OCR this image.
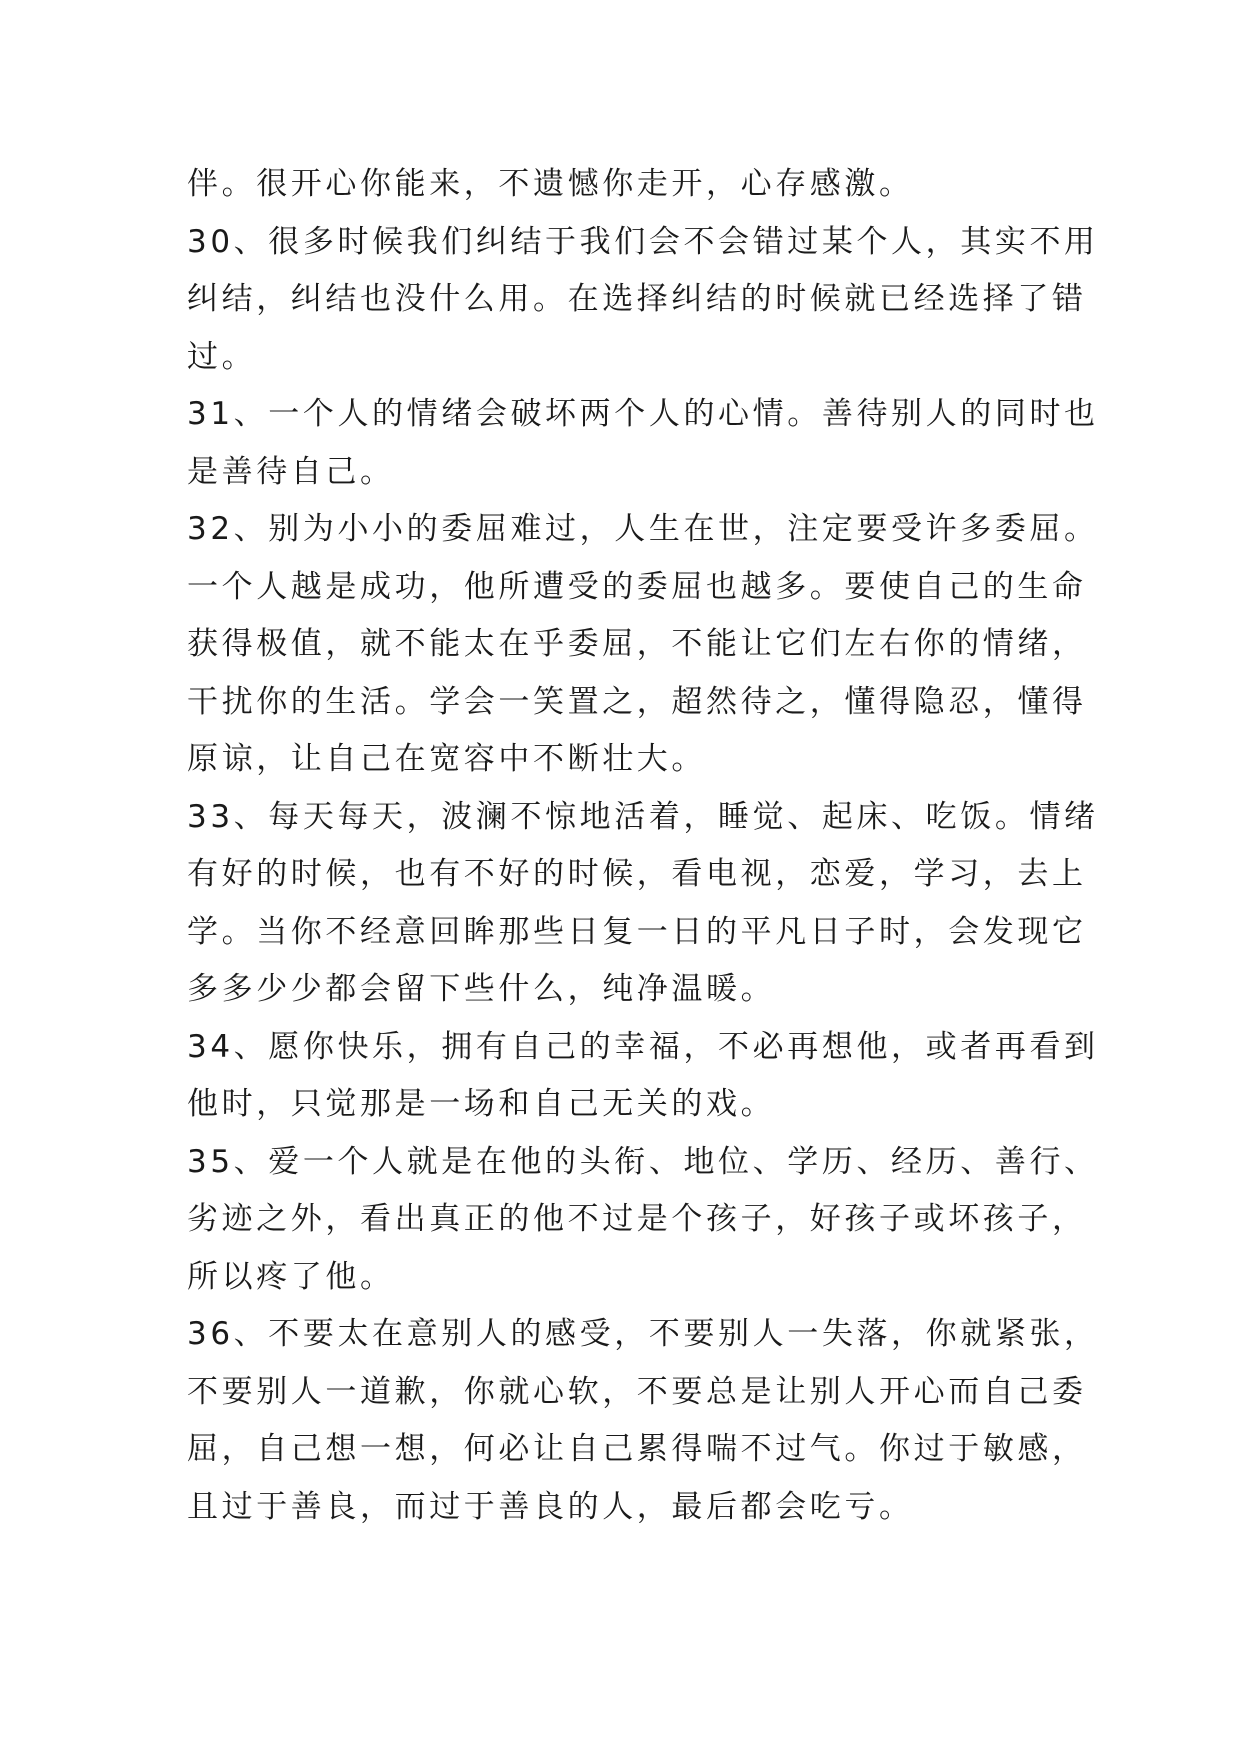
伴。很开心你能来，不遗憾你走开，心存感激。
30、很多时候我们纠结于我们会不会错过某个人，其实不用
纠结，纠结也没什么用。在选择纠结的时候就已经选择了错
过。
31、一个人的情绪会破坏两个人的心情。善待别人的同时也
是善待自己。
32、别为小小的委屈难过，人生在世，注定要受许多委屈。
一个人越是成功，他所遭受的委屈也越多。要使自己的生命
获得极值，就不能太在乎委屈，不能让它们左右你的情绪，
干扰你的生活。学会一笑置之，超然待之，懂得隐忍，懂得
原谅，让自己在宽容中不断壮大。
33、每天每天，波澜不惊地活着，睡觉、起床、吃饭。情绪
有好的时候，也有不好的时候，看电视，恋爱，学习，去上
学。当你不经意回眸那些日复一日的平凡日子时，会发现它
多多少少都会留下些什么，纯净温暖。
34、愿你快乐，拥有自己的幸福，不必再想他，或者再看到
他时，只觉那是一场和自己无关的戏。
35、爱一个人就是在他的头衔、地位、学历、经历、善行、
劣迹之外，看出真正的他不过是个孩子，好孩子或坏孩子，
所以疼了他。
36、不要太在意别人的感受，不要别人一失落，你就紧张，
不要别人一道歉，你就心软，不要总是让别人开心而自己委
屈，自己想一想，何必让自己累得喘不过气。你过于敏感，
且过于善良，而过于善良的人，最后都会吃亏。
